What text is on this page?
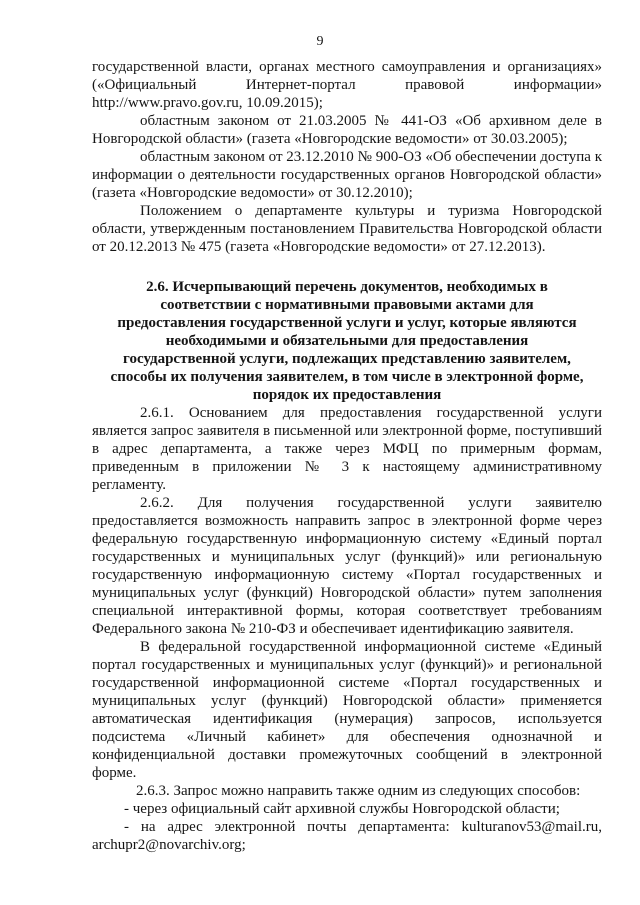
9

государственной власти, органах местного самоуправления и организациях» («Официальный Интернет-портал правовой информации» http://www.pravo.gov.ru, 10.09.2015);

областным законом от 21.03.2005 № 441-ОЗ «Об архивном деле в Новгородской области» (газета «Новгородские ведомости» от 30.03.2005);

областным законом от 23.12.2010 № 900-ОЗ «Об обеспечении доступа к информации о деятельности государственных органов Новгородской области» (газета «Новгородские ведомости» от 30.12.2010);

Положением о департаменте культуры и туризма Новгородской области, утвержденным постановлением Правительства Новгородской области от 20.12.2013 № 475 (газета «Новгородские ведомости» от 27.12.2013).

2.6. Исчерпывающий перечень документов, необходимых в соответствии с нормативными правовыми актами для предоставления государственной услуги и услуг, которые являются необходимыми и обязательными для предоставления государственной услуги, подлежащих представлению заявителем, способы их получения заявителем, в том числе в электронной форме, порядок их предоставления

2.6.1. Основанием для предоставления государственной услуги является запрос заявителя в письменной или электронной форме, поступивший в адрес департамента, а также через МФЦ по примерным формам, приведенным в приложении № 3 к настоящему административному регламенту.

2.6.2. Для получения государственной услуги заявителю предоставляется возможность направить запрос в электронной форме через федеральную государственную информационную систему «Единый портал государственных и муниципальных услуг (функций)» или региональную государственную информационную систему «Портал государственных и муниципальных услуг (функций) Новгородской области» путем заполнения специальной интерактивной формы, которая соответствует требованиям Федерального закона № 210-ФЗ и обеспечивает идентификацию заявителя.

В федеральной государственной информационной системе «Единый портал государственных и муниципальных услуг (функций)» и региональной государственной информационной системе «Портал государственных и муниципальных услуг (функций) Новгородской области» применяется автоматическая идентификация (нумерация) запросов, используется подсистема «Личный кабинет» для обеспечения однозначной и конфиденциальной доставки промежуточных сообщений в электронной форме.

2.6.3. Запрос можно направить также одним из следующих способов:

- через официальный сайт архивной службы Новгородской области;

- на адрес электронной почты департамента: kulturanov53@mail.ru, archupr2@novarchiv.org;
